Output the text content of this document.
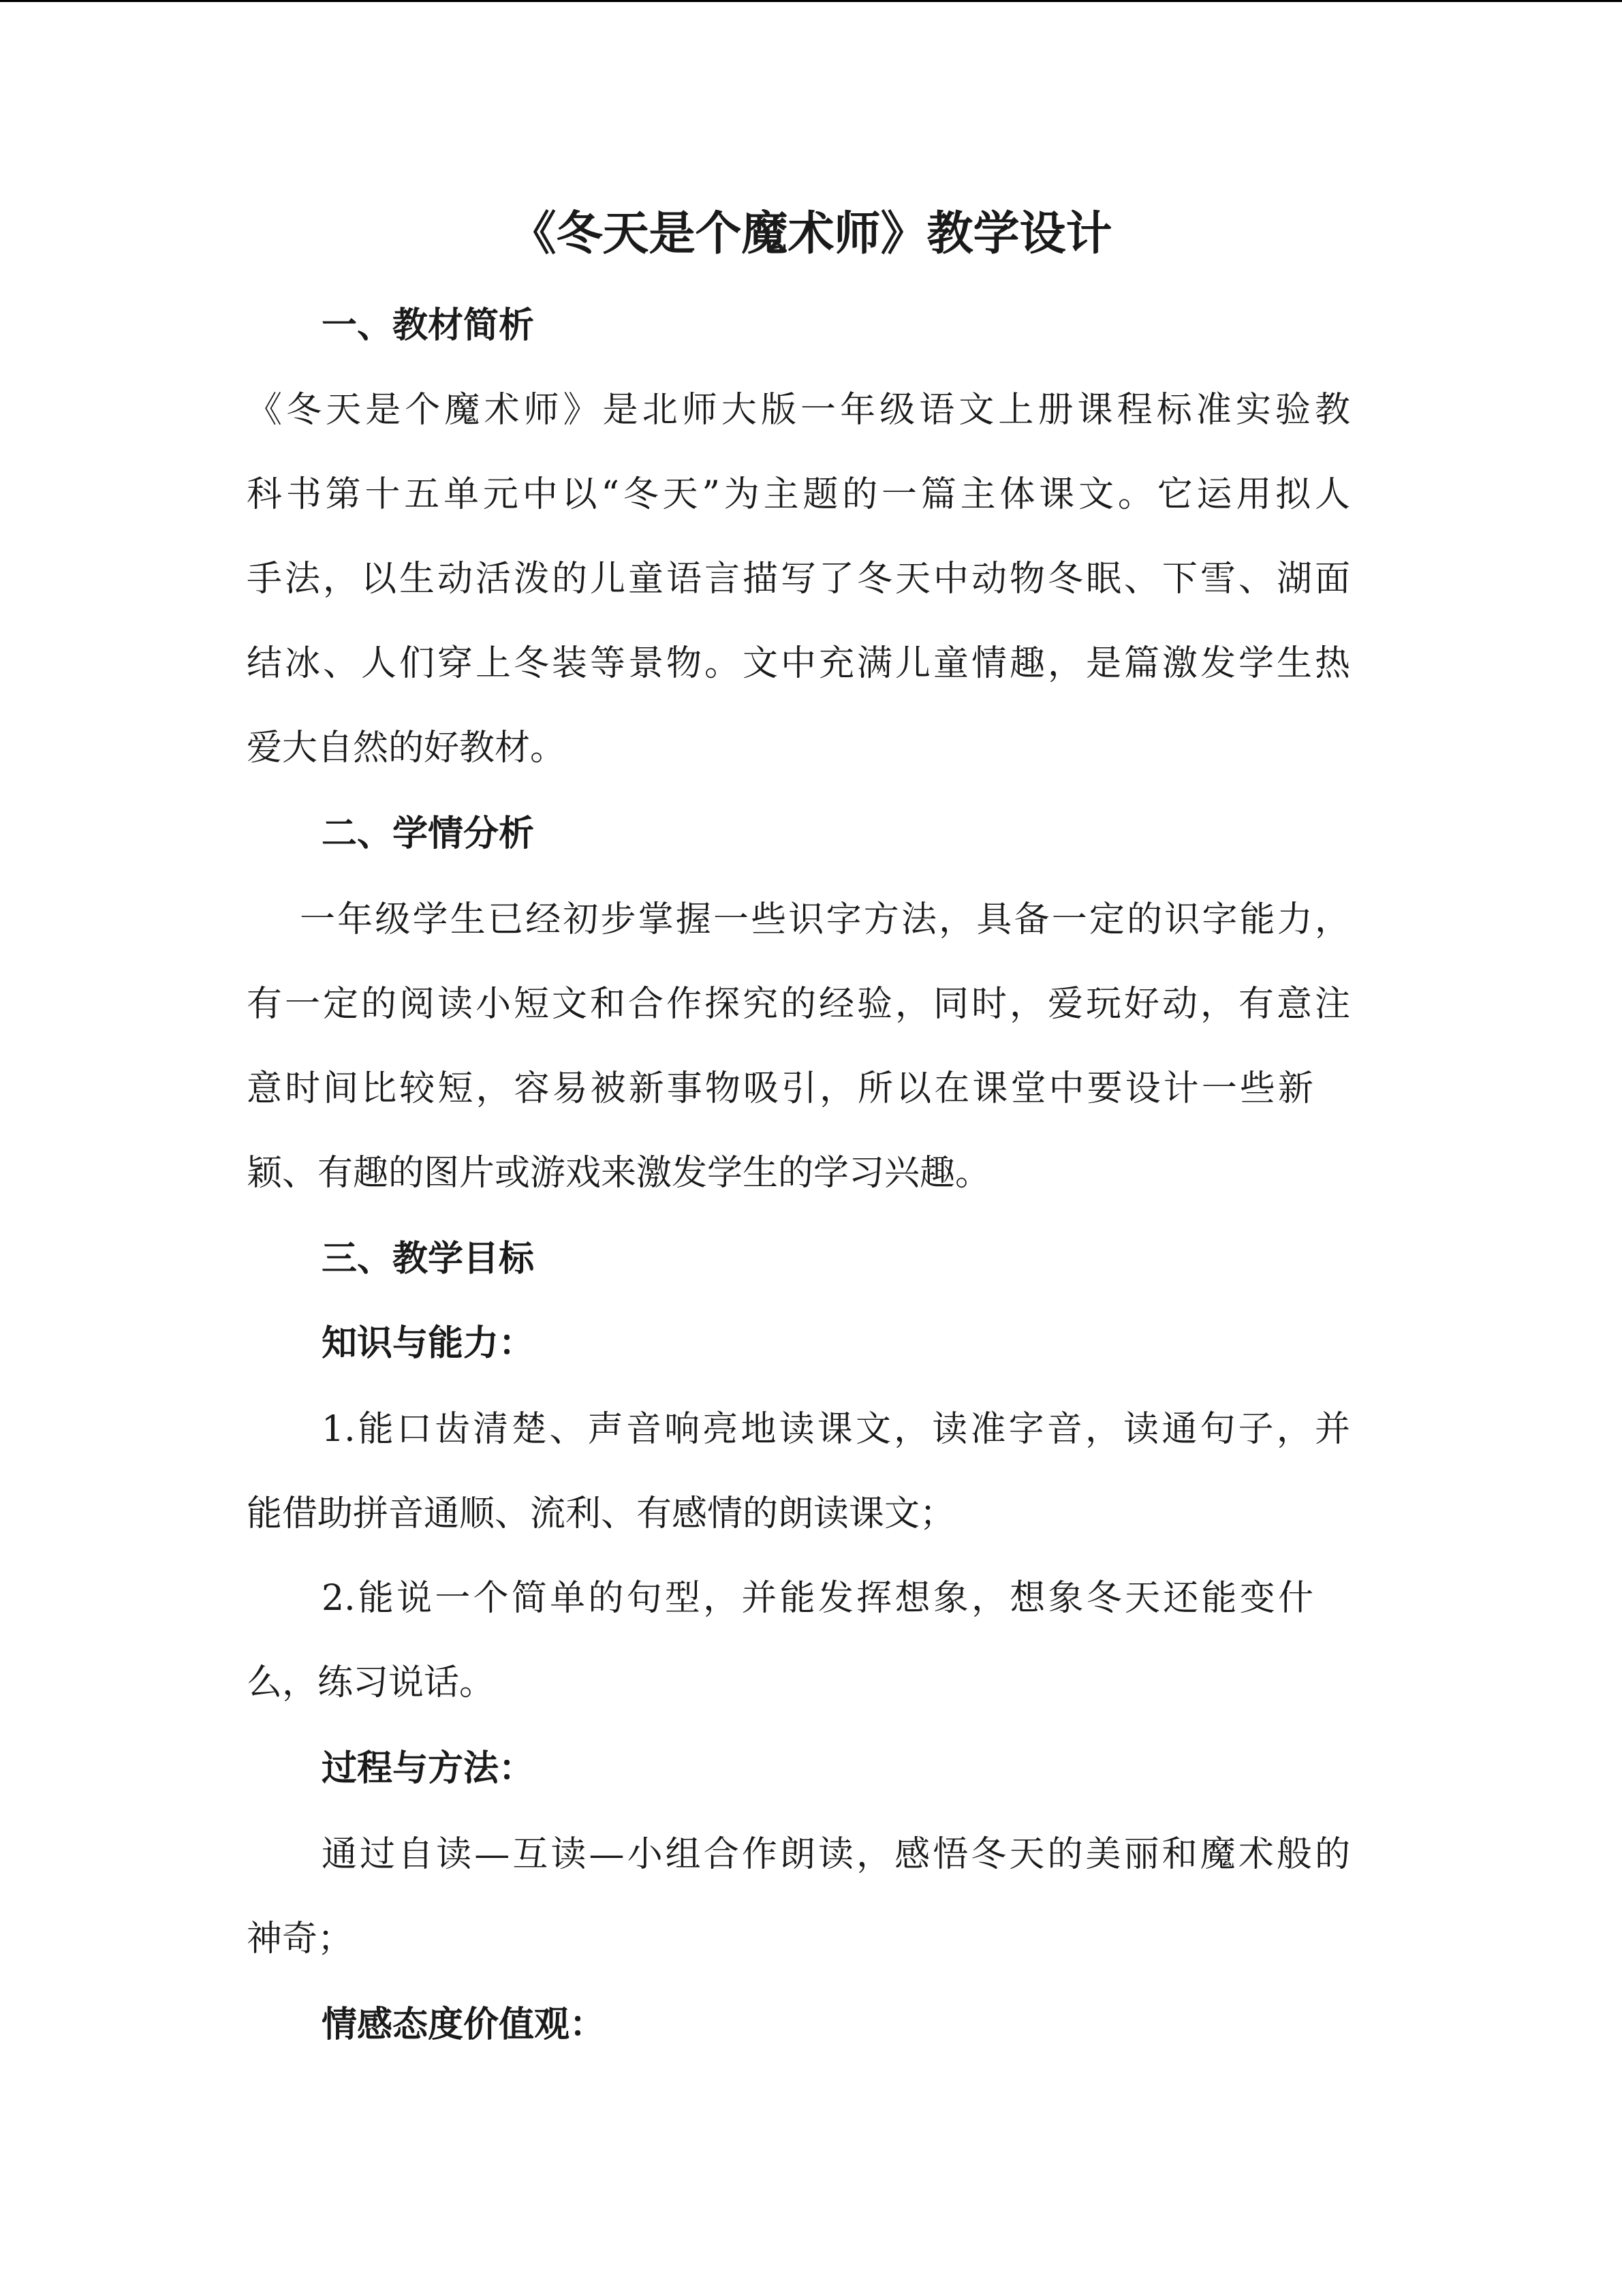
《冬天是个魔术师》教学设计
一、教材简析

《冬天是个魔术师》是北师大版一年级语文上册课程标准实验教

科书第十五单元中以“冬天”为主题的一篇主体课文。它运用拟人

手法，以生动活泼的儿童语言描写了冬天中动物冬眠、下雪、湖面

结冰、人们穿上冬装等景物。文中充满儿童情趣，是篇激发学生热

爱大自然的好教材。

二、学情分析

一年级学生已经初步掌握一些识字方法，具备一定的识字能力，

有一定的阅读小短文和合作探究的经验，同时，爱玩好动，有意注

意时间比较短，容易被新事物吸引，所以在课堂中要设计一些新

颖、有趣的图片或游戏来激发学生的学习兴趣。

三、教学目标
知识与能力：

1.能口齿清楚、声音响亮地读课文，读准字音，读通句子，并

能借助拼音通顺、流利、有感情的朗读课文；

2.能说一个简单的句型，并能发挥想象，想象冬天还能变什

么，练习说话。

过程与方法：

通过自读—互读—小组合作朗读，感悟冬天的美丽和魔术般的

神奇；

情感态度价值观：
